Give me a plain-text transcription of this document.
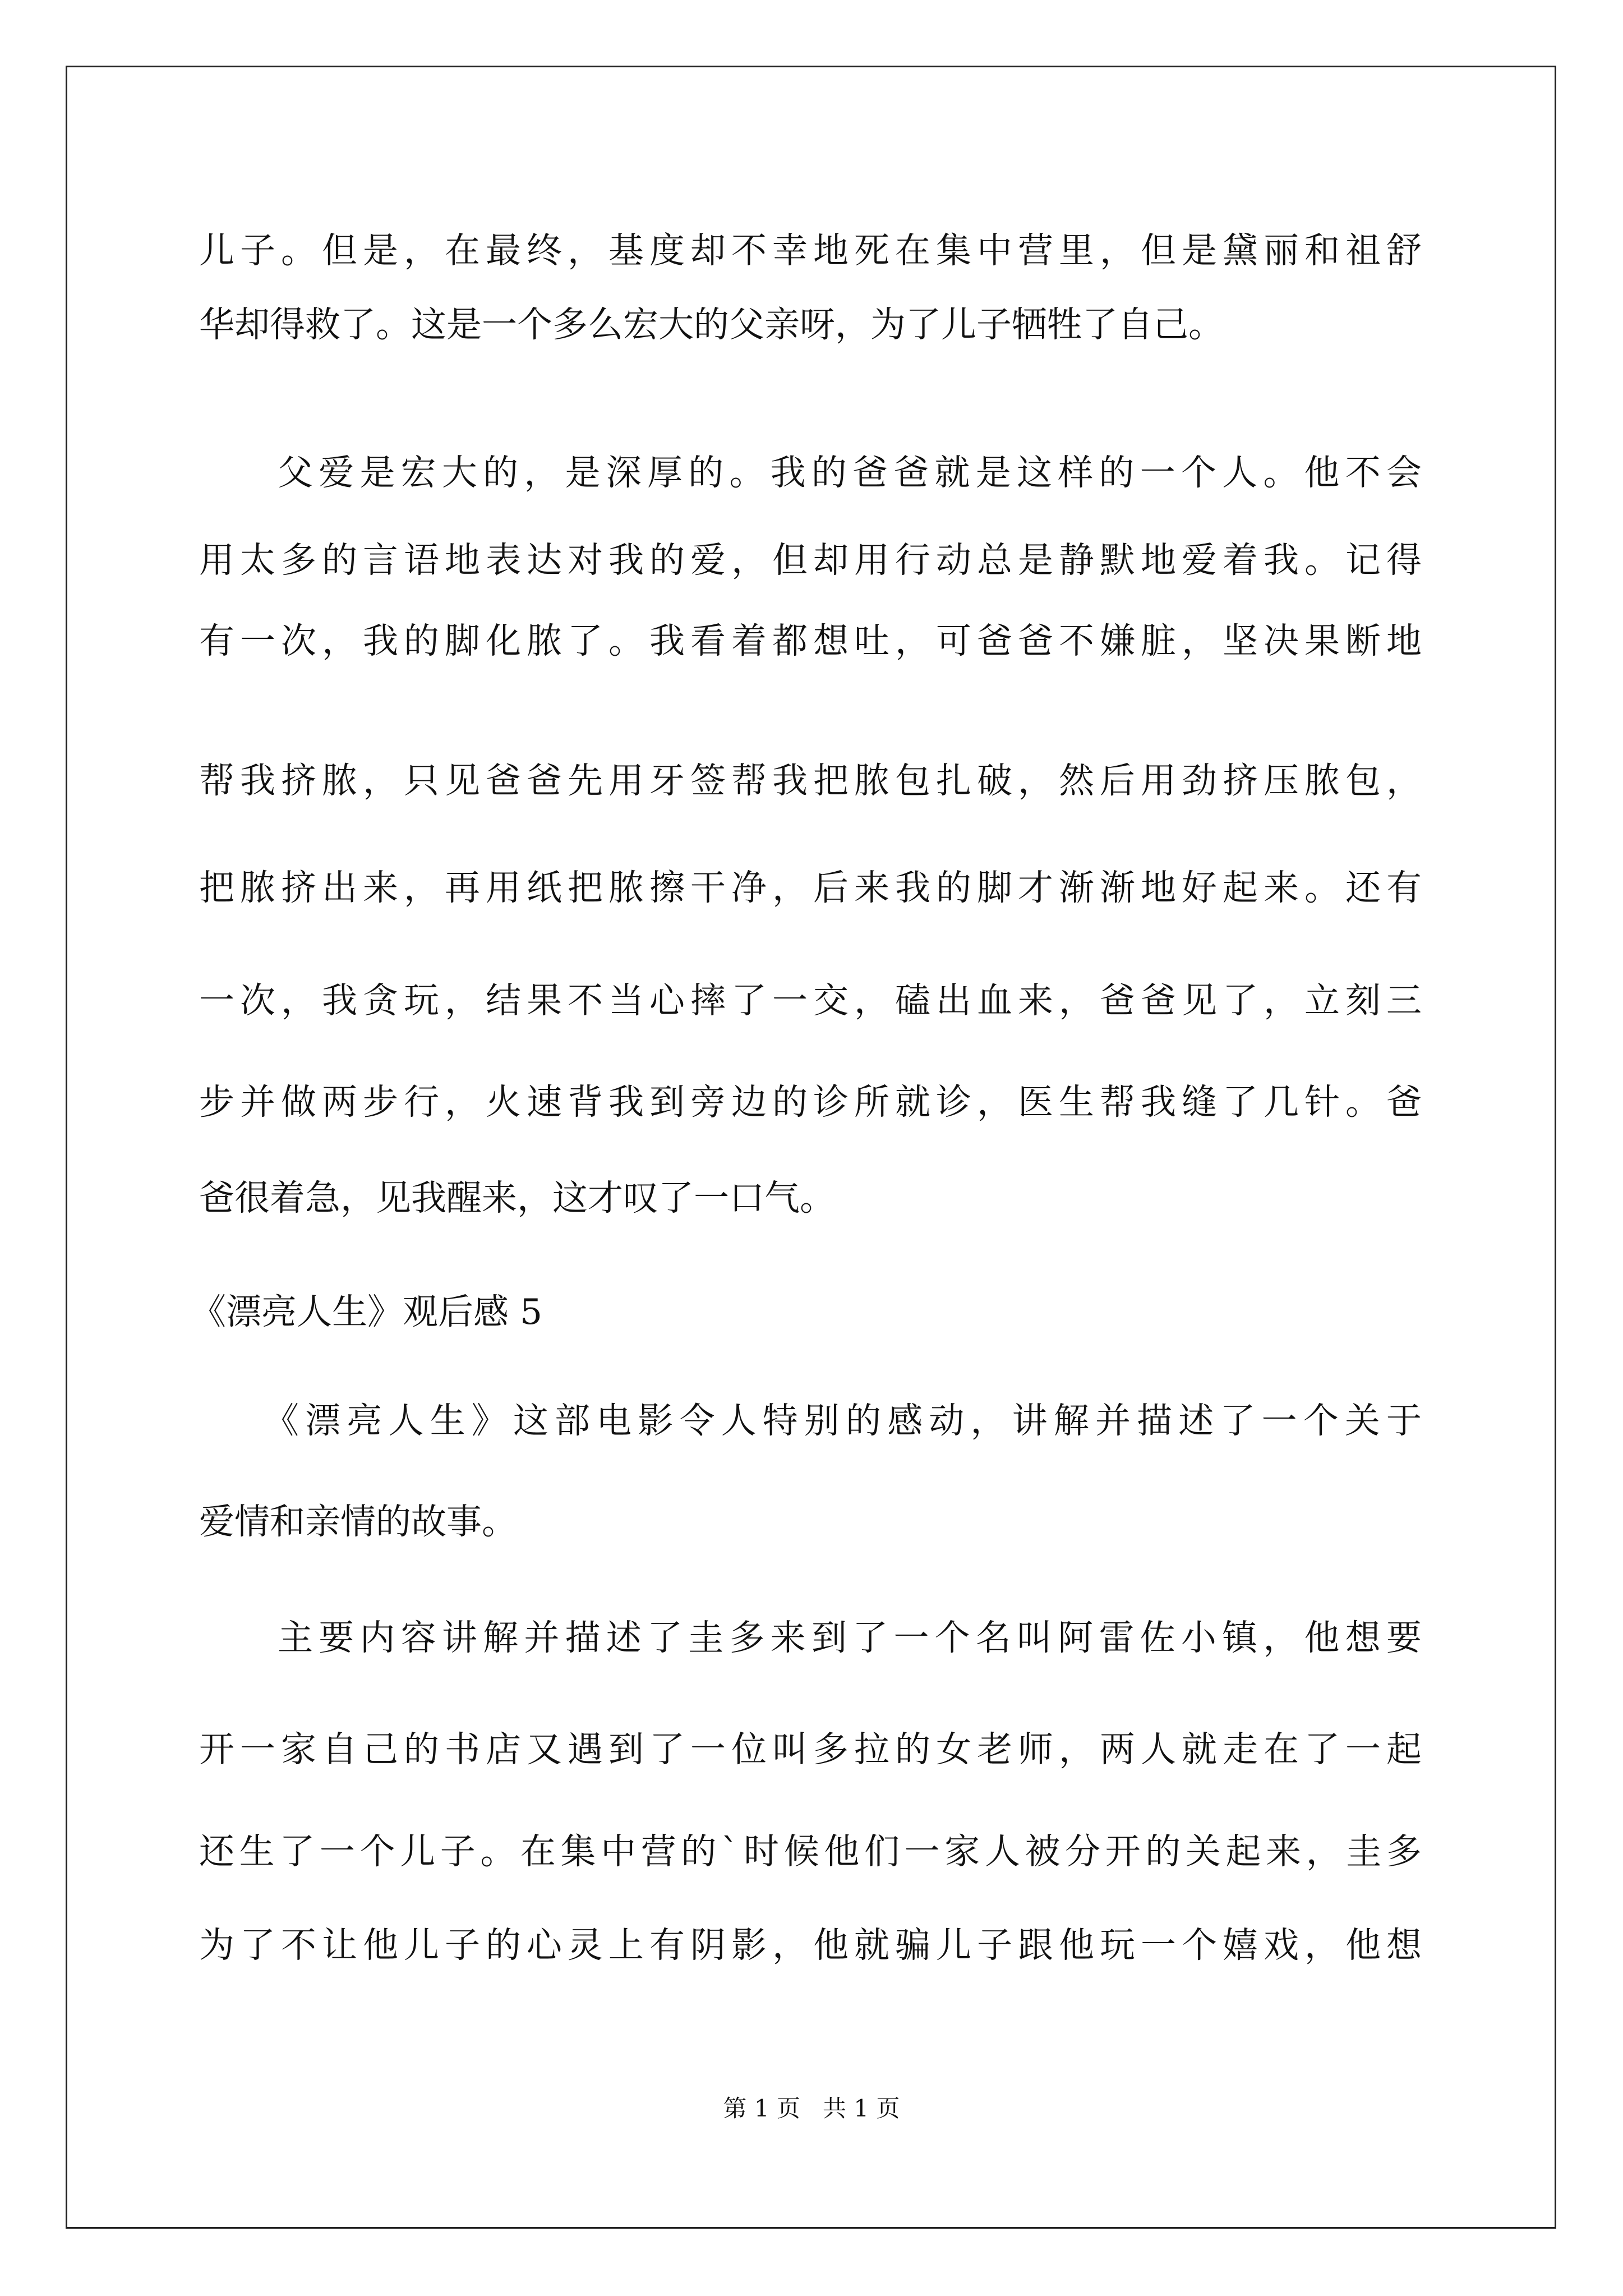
儿子。但是，在最终，基度却不幸地死在集中营里，但是黛丽和祖舒
华却得救了。这是一个多么宏大的父亲呀，为了儿子牺牲了自己。
父爱是宏大的，是深厚的。我的爸爸就是这样的一个人。他不会
用太多的言语地表达对我的爱，但却用行动总是静默地爱着我。记得
有一次，我的脚化脓了。我看着都想吐，可爸爸不嫌脏，坚决果断地
帮我挤脓，只见爸爸先用牙签帮我把脓包扎破，然后用劲挤压脓包，
把脓挤出来，再用纸把脓擦干净，后来我的脚才渐渐地好起来。还有
一次，我贪玩，结果不当心摔了一交，磕出血来，爸爸见了，立刻三
步并做两步行，火速背我到旁边的诊所就诊，医生帮我缝了几针。爸
爸很着急，见我醒来，这才叹了一口气。
《漂亮人生》观后感 5
《漂亮人生》这部电影令人特别的感动，讲解并描述了一个关于
爱情和亲情的故事。
主要内容讲解并描述了圭多来到了一个名叫阿雷佐小镇，他想要
开一家自己的书店又遇到了一位叫多拉的女老师，两人就走在了一起
还生了一个儿子。在集中营的`时候他们一家人被分开的关起来，圭多
为了不让他儿子的心灵上有阴影，他就骗儿子跟他玩一个嬉戏，他想
第 1 页   共 1 页
